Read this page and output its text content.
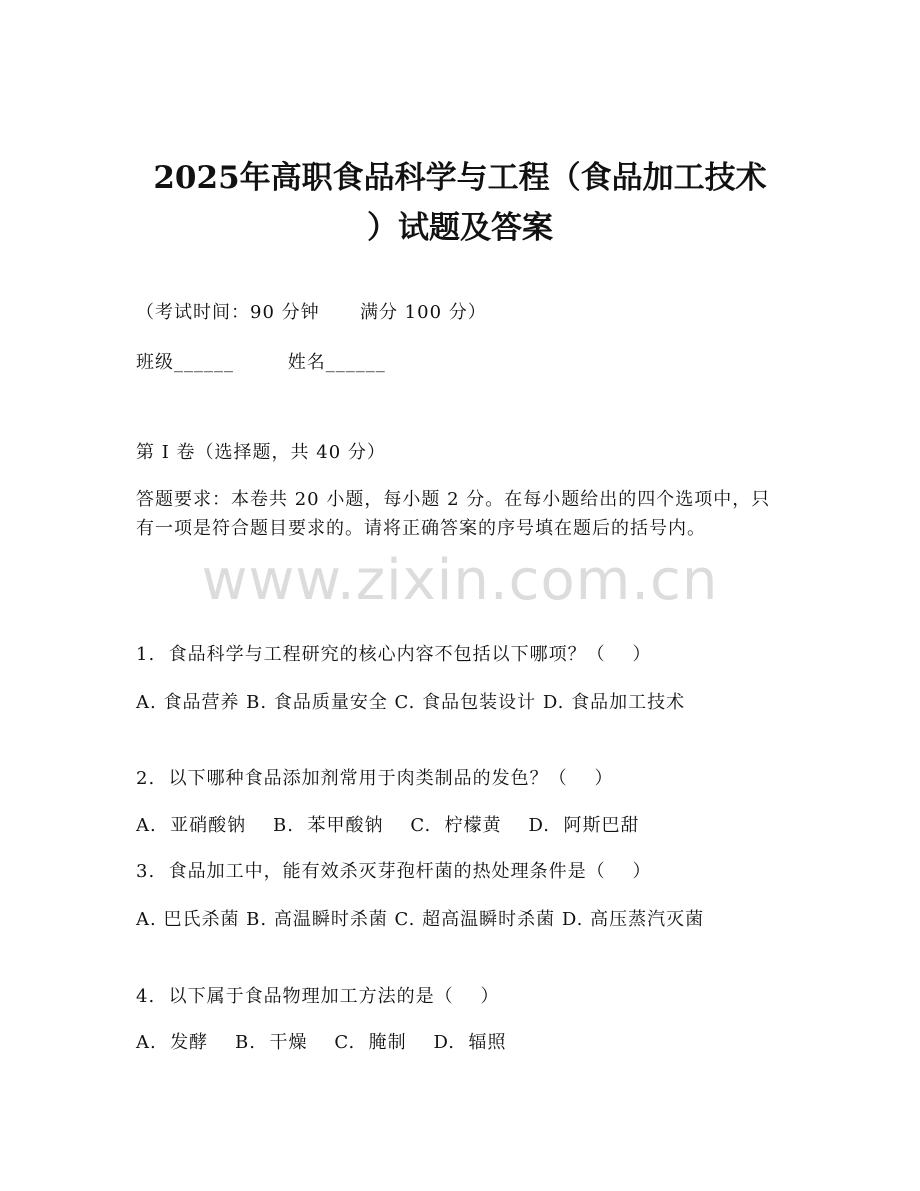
2025年高职食品科学与工程（食品加工技术
）试题及答案
（考试时间：90 分钟      满分 100 分）
班级______        姓名______
第 I 卷（选择题，共 40 分）
答题要求：本卷共 20 小题，每小题 2 分。在每小题给出的四个选项中，只有一项是符合题目要求的。请将正确答案的序号填在题后的括号内。
www.zixin.com.cn
1.  食品科学与工程研究的核心内容不包括以下哪项？（    ）
A. 食品营养 B. 食品质量安全 C. 食品包装设计 D. 食品加工技术
2.  以下哪种食品添加剂常用于肉类制品的发色？（    ）
A.  亚硝酸钠    B.  苯甲酸钠    C.  柠檬黄    D.  阿斯巴甜
3.  食品加工中，能有效杀灭芽孢杆菌的热处理条件是（    ）
A. 巴氏杀菌 B. 高温瞬时杀菌 C. 超高温瞬时杀菌 D. 高压蒸汽灭菌
4.  以下属于食品物理加工方法的是（    ）
A.  发酵    B.  干燥    C.  腌制    D.  辐照
